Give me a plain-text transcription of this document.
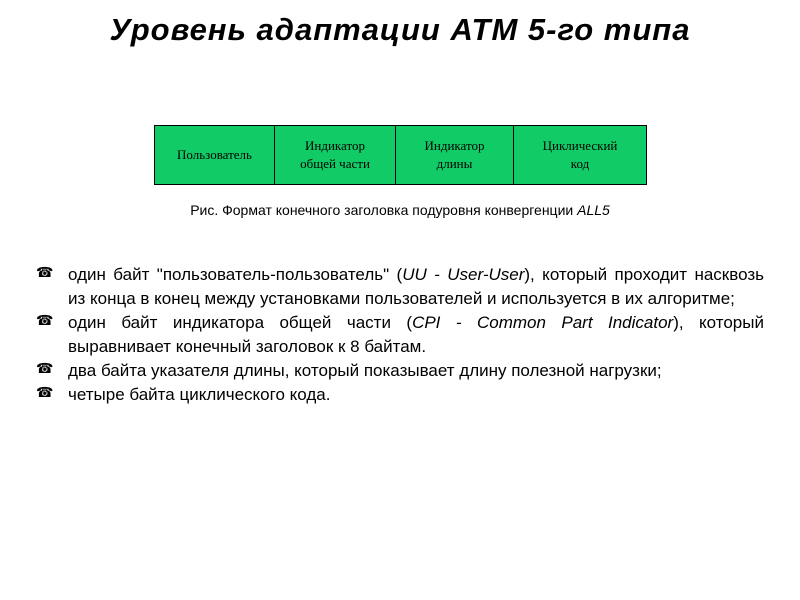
Уровень адаптации ATM 5-го типа
Пользователь
Индикатор
общей части
Индикатор
длины
Циклический
код
Рис. Формат конечного заголовка подуровня конвергенции ALL5
☎ один байт "пользователь-пользователь" (UU - User-User), который проходит насквозь из конца в конец между установками пользователей и используется в их алгоритме;
☎ один байт индикатора общей части (CPI - Common Part Indicator), который выравнивает конечный заголовок к 8 байтам.
☎ два байта указателя длины, который показывает длину полезной нагрузки;
☎ четыре байта циклического кода.
